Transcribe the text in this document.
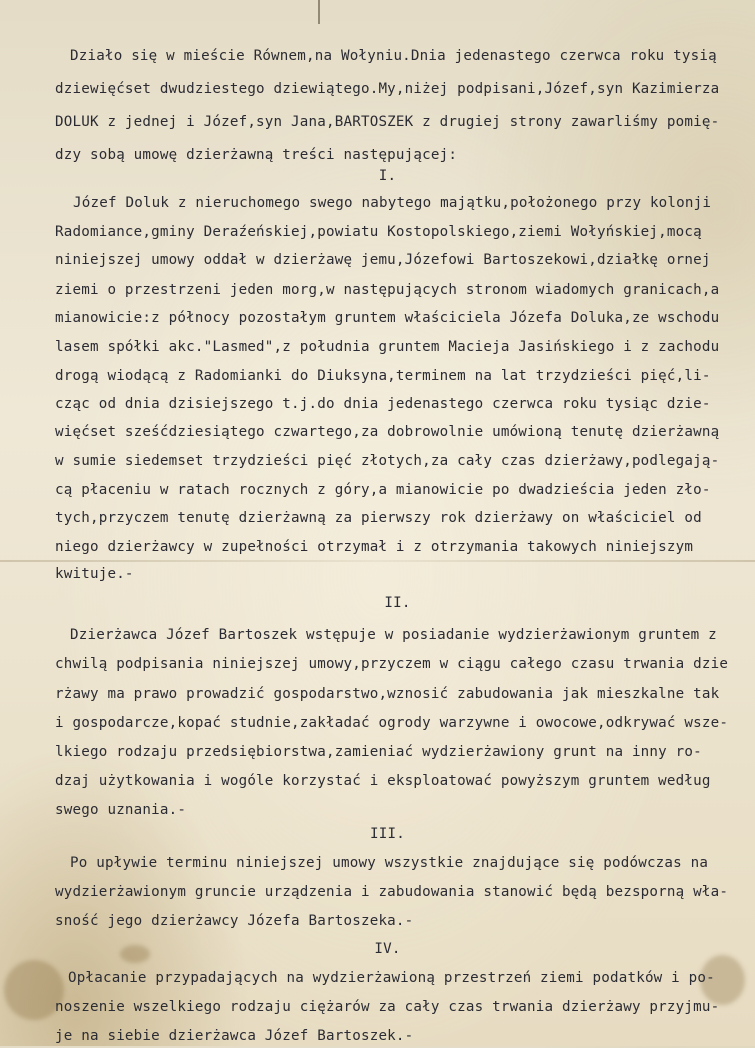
Działo się w mieście Równem,na Wołyniu.Dnia jedenastego czerwca roku tysią
dziewięćset dwudziestego dziewiątego.My,niżej podpisani,Józef,syn Kazimierza
DOLUK z jednej i Józef,syn Jana,BARTOSZEK z drugiej strony zawarliśmy pomię-
dzy sobą umowę dzierżawną treści następującej:
I.
Józef Doluk z nieruchomego swego nabytego majątku,położonego przy kolonji
Radomiance,gminy Deraźeńskiej,powiatu Kostopolskiego,ziemi Wołyńskiej,mocą
niniejszej umowy oddał w dzierżawę jemu,Józefowi Bartoszekowi,działkę ornej
ziemi o przestrzeni jeden morg,w następujących stronom wiadomych granicach,a
mianowicie:z północy pozostałym gruntem właściciela Józefa Doluka,ze wschodu
lasem spółki akc."Lasmed",z południa gruntem Macieja Jasińskiego i z zachodu
drogą wiodącą z Radomianki do Diuksyna,terminem na lat trzydzieści pięć,li-
cząc od dnia dzisiejszego t.j.do dnia jedenastego czerwca roku tysiąc dzie-
więćset sześćdziesiątego czwartego,za dobrowolnie umówioną tenutę dzierżawną
w sumie siedemset trzydzieści pięć złotych,za cały czas dzierżawy,podlegają-
cą płaceniu w ratach rocznych z góry,a mianowicie po dwadzieścia jeden zło-
tych,przyczem tenutę dzierżawną za pierwszy rok dzierżawy on właściciel od
niego dzierżawcy w zupełności otrzymał i z otrzymania takowych niniejszym
kwituje.-
II.
Dzierżawca Józef Bartoszek wstępuje w posiadanie wydzierżawionym gruntem z
chwilą podpisania niniejszej umowy,przyczem w ciągu całego czasu trwania dzie
rżawy ma prawo prowadzić gospodarstwo,wznosić zabudowania jak mieszkalne tak
i gospodarcze,kopać studnie,zakładać ogrody warzywne i owocowe,odkrywać wsze-
lkiego rodzaju przedsiębiorstwa,zamieniać wydzierżawiony grunt na inny ro-
dzaj użytkowania i wogóle korzystać i eksploatować powyższym gruntem według
swego uznania.-
III.
Po upływie terminu niniejszej umowy wszystkie znajdujące się podówczas na
wydzierżawionym gruncie urządzenia i zabudowania stanowić będą bezsporną wła-
sność jego dzierżawcy Józefa Bartoszeka.-
IV.
Opłacanie przypadających na wydzierżawioną przestrzeń ziemi podatków i po-
noszenie wszelkiego rodzaju ciężarów za cały czas trwania dzierżawy przyjmu-
je na siebie dzierżawca Józef Bartoszek.-
